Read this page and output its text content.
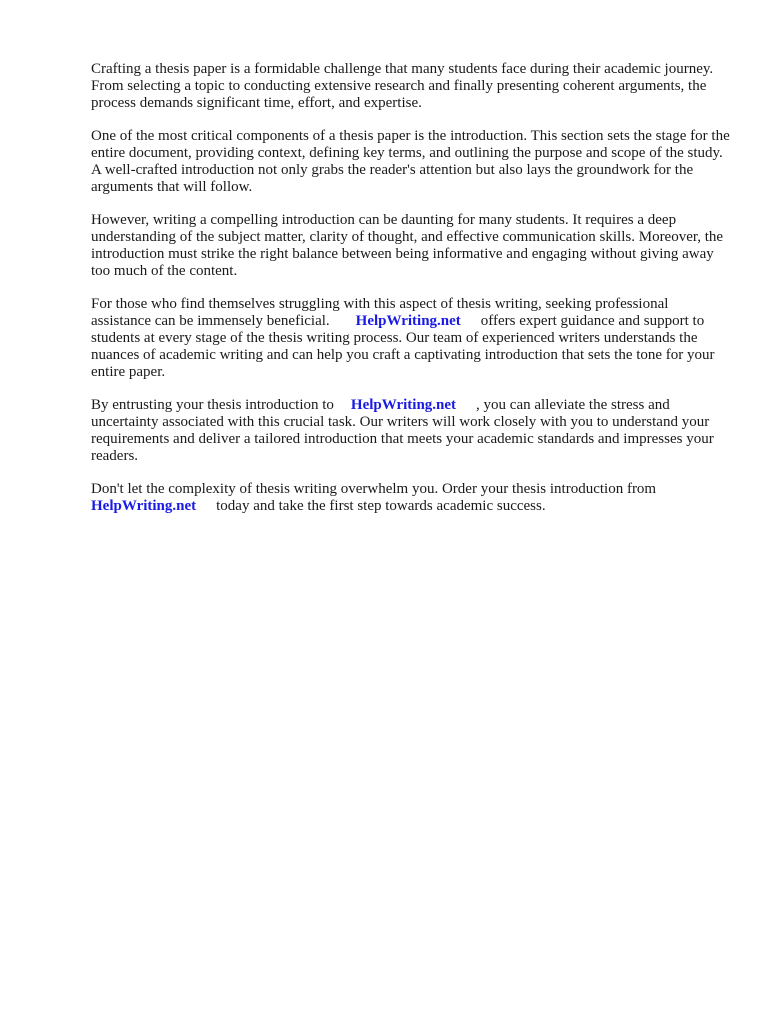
Crafting a thesis paper is a formidable challenge that many students face during their academic journey. From selecting a topic to conducting extensive research and finally presenting coherent arguments, the process demands significant time, effort, and expertise.

One of the most critical components of a thesis paper is the introduction. This section sets the stage for the entire document, providing context, defining key terms, and outlining the purpose and scope of the study. A well-crafted introduction not only grabs the reader's attention but also lays the groundwork for the arguments that will follow.

However, writing a compelling introduction can be daunting for many students. It requires a deep understanding of the subject matter, clarity of thought, and effective communication skills. Moreover, the introduction must strike the right balance between being informative and engaging without giving away too much of the content.

For those who find themselves struggling with this aspect of thesis writing, seeking professional assistance can be immensely beneficial. HelpWriting.net offers expert guidance and support to students at every stage of the thesis writing process. Our team of experienced writers understands the nuances of academic writing and can help you craft a captivating introduction that sets the tone for your entire paper.

By entrusting your thesis introduction to HelpWriting.net , you can alleviate the stress and uncertainty associated with this crucial task. Our writers will work closely with you to understand your requirements and deliver a tailored introduction that meets your academic standards and impresses your readers.

Don't let the complexity of thesis writing overwhelm you. Order your thesis introduction from HelpWriting.net today and take the first step towards academic success.
